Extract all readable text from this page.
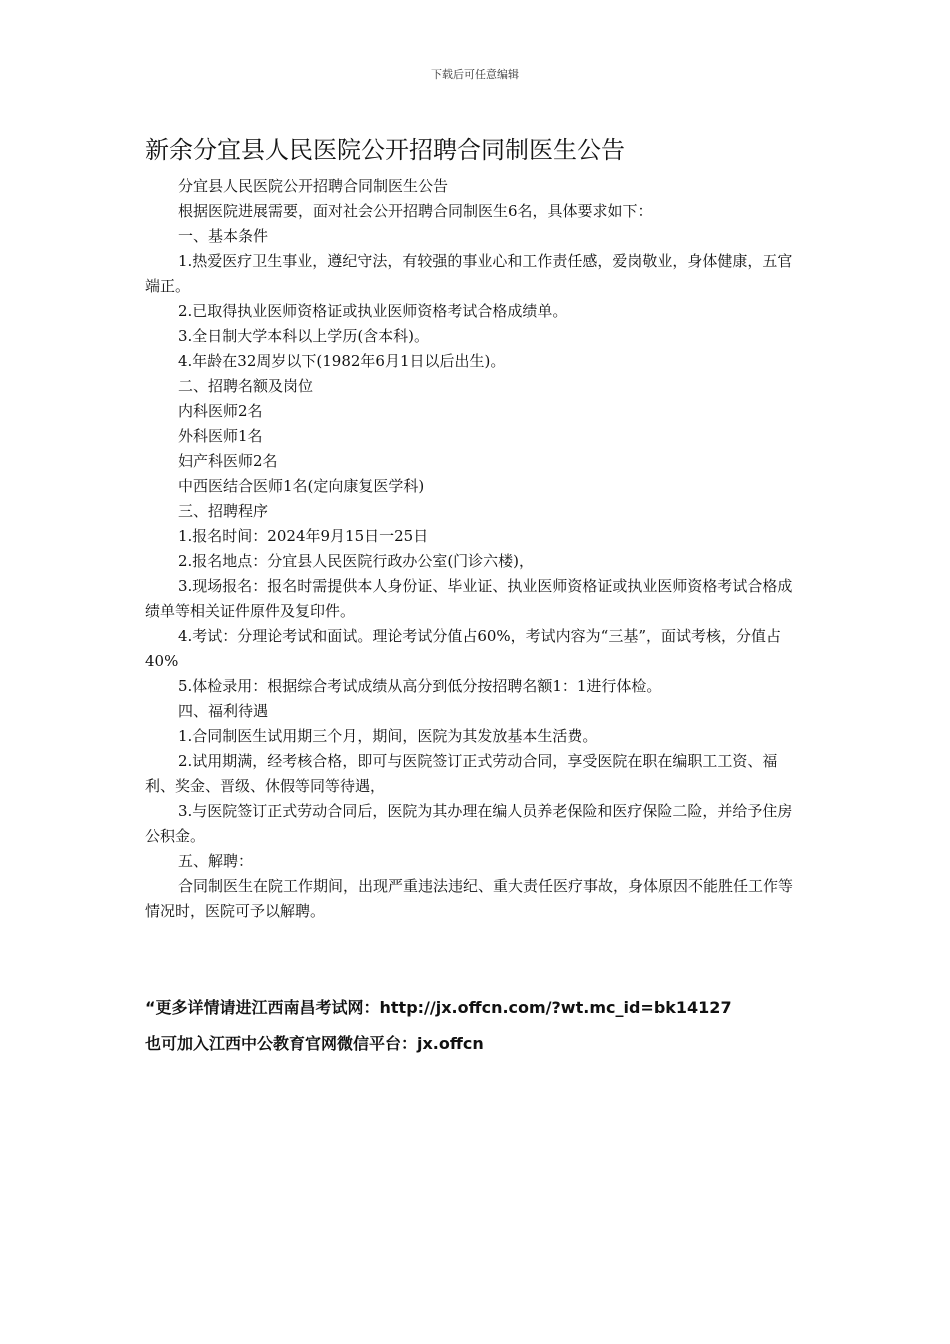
下载后可任意编辑
新余分宜县人民医院公开招聘合同制医生公告

分宜县人民医院公开招聘合同制医生公告

根据医院进展需要，面对社会公开招聘合同制医生6名，具体要求如下：

一、基本条件

1.热爱医疗卫生事业，遵纪守法，有较强的事业心和工作责任感，爱岗敬业，身体健康，五官端正。

2.已取得执业医师资格证或执业医师资格考试合格成绩单。

3.全日制大学本科以上学历(含本科)。

4.年龄在32周岁以下(1982年6月1日以后出生)。

二、招聘名额及岗位

内科医师2名

外科医师1名

妇产科医师2名

中西医结合医师1名(定向康复医学科)

三、招聘程序

1.报名时间：2024年9月15日一25日

2.报名地点：分宜县人民医院行政办公室(门诊六楼)，

3.现场报名：报名时需提供本人身份证、毕业证、执业医师资格证或执业医师资格考试合格成绩单等相关证件原件及复印件。

4.考试：分理论考试和面试。理论考试分值占60%，考试内容为“三基”，面试考核，分值占40%

5.体检录用：根据综合考试成绩从高分到低分按招聘名额1：1进行体检。

四、福利待遇

1.合同制医生试用期三个月，期间，医院为其发放基本生活费。

2.试用期满，经考核合格，即可与医院签订正式劳动合同，享受医院在职在编职工工资、福利、奖金、晋级、休假等同等待遇，

3.与医院签订正式劳动合同后，医院为其办理在编人员养老保险和医疗保险二险，并给予住房公积金。

五、解聘：

合同制医生在院工作期间，出现严重违法违纪、重大责任医疗事故，身体原因不能胜任工作等情况时，医院可予以解聘。

“更多详情请进江西南昌考试网：http://jx.offcn.com/?wt.mc_id=bk14127
也可加入江西中公教育官网微信平台：jx.offcn
